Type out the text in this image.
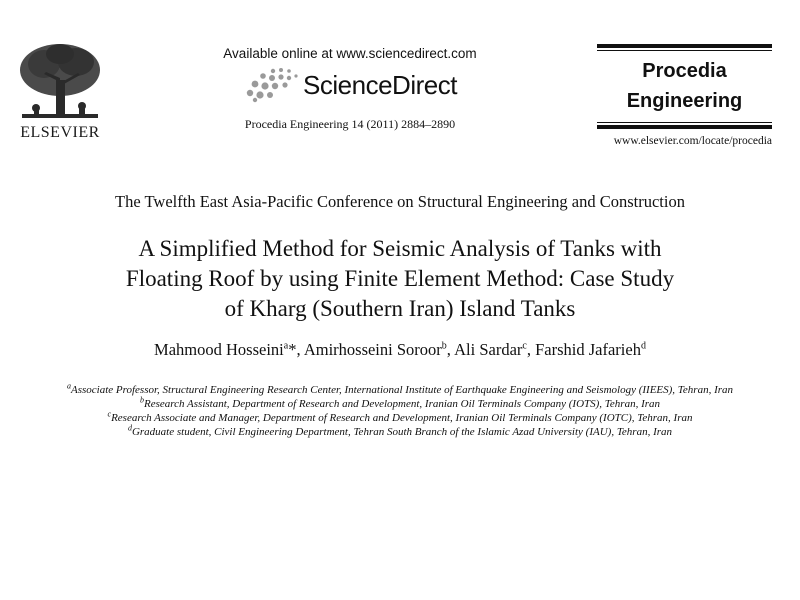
ELSEVIER
Available online at www.sciencedirect.com
ScienceDirect
Procedia Engineering 14 (2011) 2884–2890
Procedia
Engineering
www.elsevier.com/locate/procedia
The Twelfth East Asia-Pacific Conference on Structural Engineering and Construction
A Simplified Method for Seismic Analysis of Tanks with
Floating Roof by using Finite Element Method: Case Study
of Kharg (Southern Iran) Island Tanks
Mahmood Hosseini$^a$*, Amirhosseini Soroor$^b$, Ali Sardar$^c$, Farshid Jafarieh$^d$

$^a$Associate Professor, Structural Engineering Research Center, International Institute of Earthquake Engineering and Seismology (IIEES), Tehran, Iran

$^b$Research Assistant, Department of Research and Development, Iranian Oil Terminals Company (IOTS), Tehran, Iran

$^c$Research Associate and Manager, Department of Research and Development, Iranian Oil Terminals Company (IOTC), Tehran, Iran

$^d$Graduate student, Civil Engineering Department, Tehran South Branch of the Islamic Azad University (IAU), Tehran, Iran
